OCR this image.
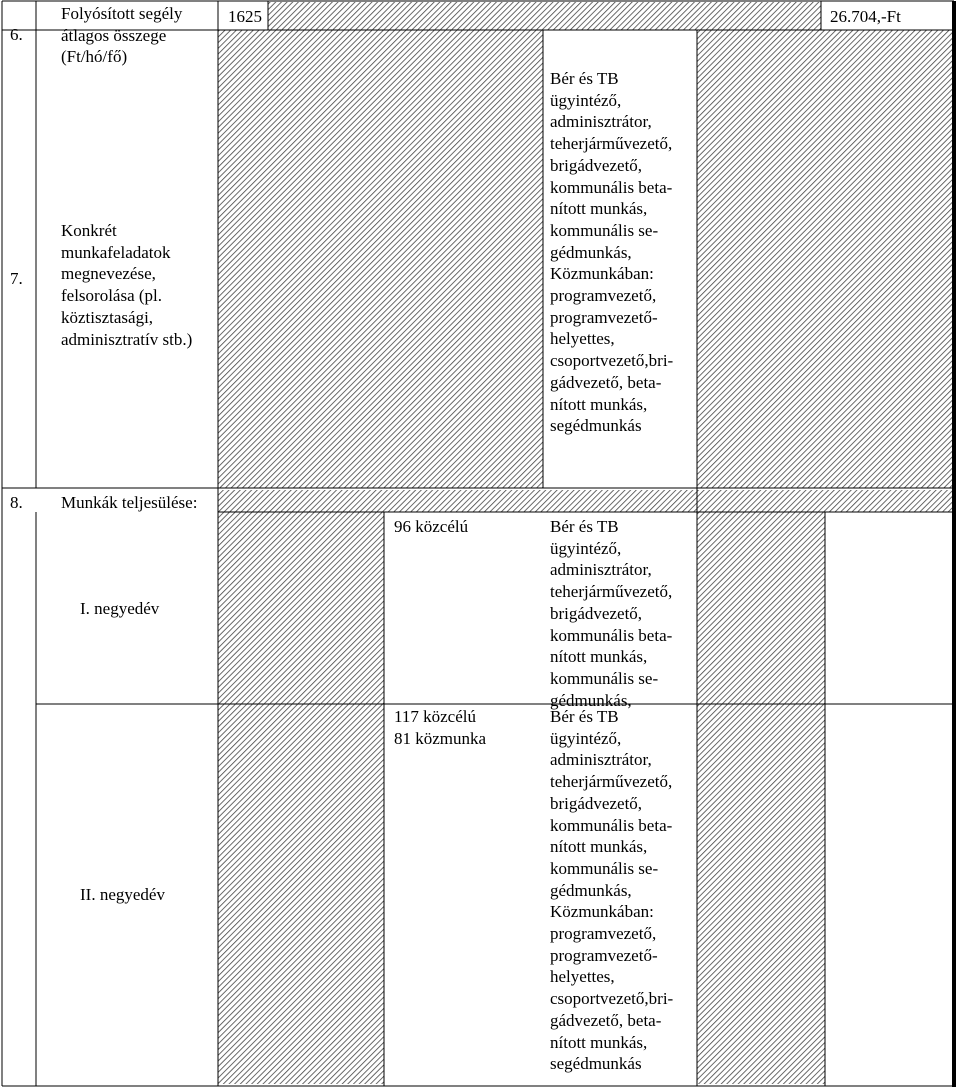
6.
Folyósított segély
átlagos összege
(Ft/hó/fő)
1625	26.704,-Ft
7.
Konkrét
munkafeladatok
megnevezése,
felsorolása (pl.
köztisztasági,
adminisztratív stb.)
Bér és TB
ügyintéző,
adminisztrátor,
teherjárművezető,
brigádvezető,
kommunális beta-
nított munkás,
kommunális se-
gédmunkás,
Közmunkában:
programvezető,
programvezető-
helyettes,
csoportvezető,bri-
gádvezető, beta-
nított munkás,
segédmunkás
8. Munkák teljesülése:
I. negyedév
96 közcélú	Bér és TB
ügyintéző,
adminisztrátor,
teherjárművezető,
brigádvezető,
kommunális beta-
nított munkás,
kommunális se-
gédmunkás,
II. negyedév
117 közcélú
81 közmunka
Bér és TB
ügyintéző,
adminisztrátor,
teherjárművezető,
brigádvezető,
kommunális beta-
nított munkás,
kommunális se-
gédmunkás,
Közmunkában:
programvezető,
programvezető-
helyettes,
csoportvezető,bri-
gádvezető, beta-
nított munkás,
segédmunkás
